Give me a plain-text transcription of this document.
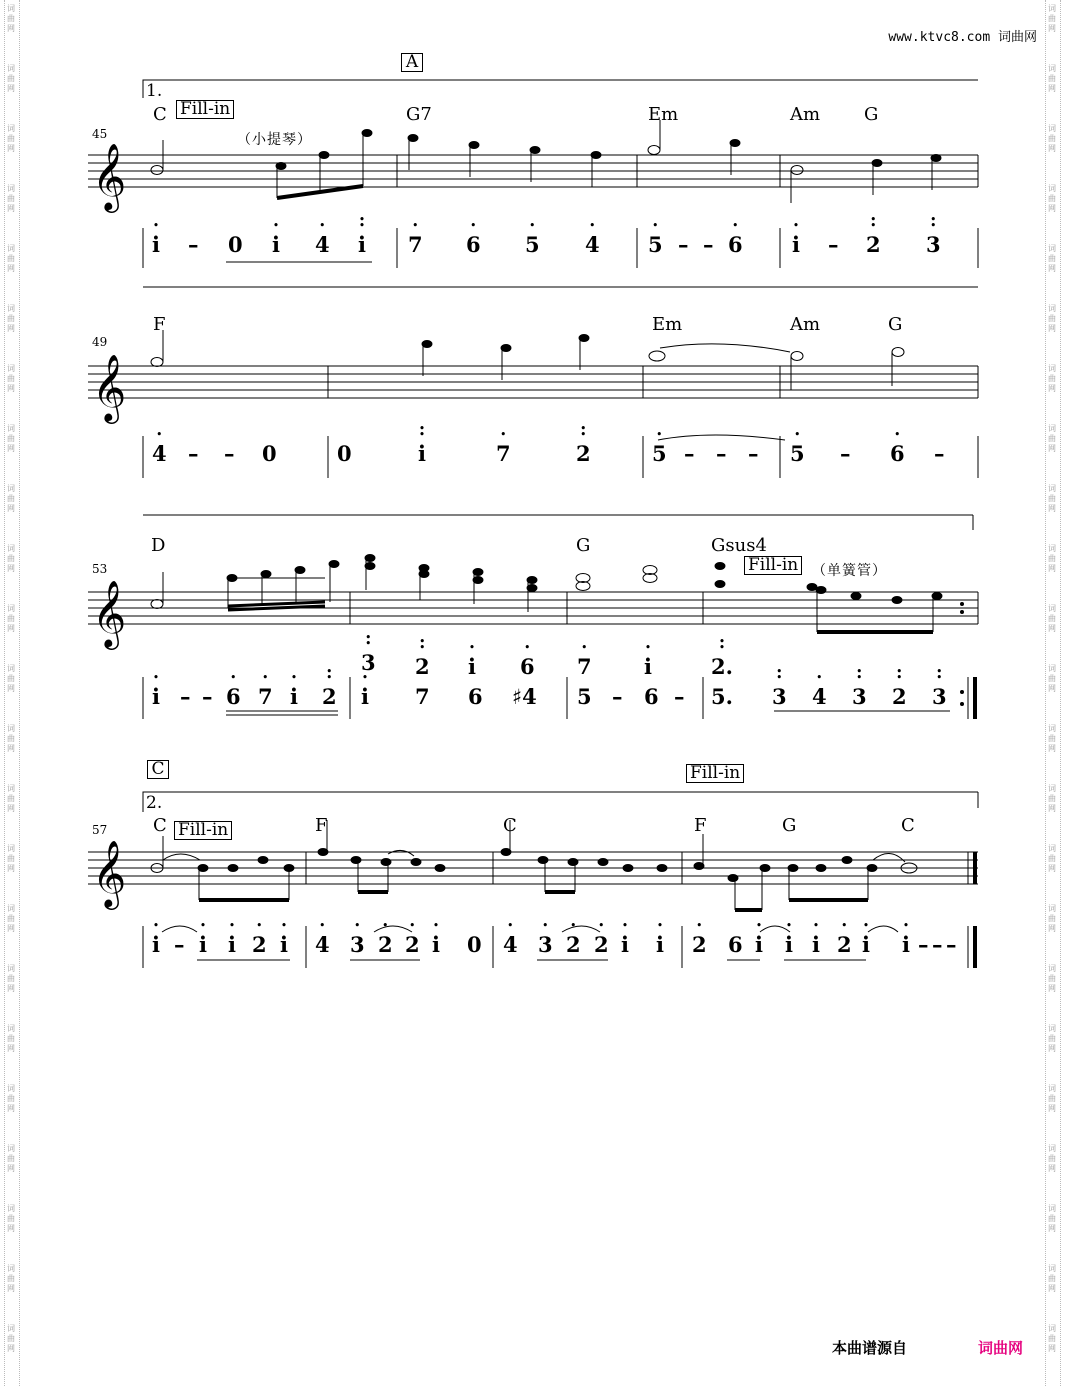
词
曲
网
词
曲
网
词
曲
网
词
曲
网
词
曲
网
词
曲
网
词
曲
网
词
曲
网
词
曲
网
词
曲
网
词
曲
网
词
曲
网
词
曲
网
词
曲
网
词
曲
网
词
曲
网
词
曲
网
词
曲
网
词
曲
网
词
曲
网
词
曲
网
词
曲
网
词
曲
网
词
曲
网
词
曲
网
词
曲
网
词
曲
网
词
曲
网
词
曲
网
词
曲
网
词
曲
网
词
曲
网
词
曲
网
词
曲
网
词
曲
网
词
曲
网
词
曲
网
词
曲
网
词
曲
网
词
曲
网
词
曲
网
词
曲
网
词
曲
网
词
曲
网
词
曲
网
词
曲
网
www.ktvc8.com 词曲网
𝄞
𝄞
𝄞
𝄞
45
49
53
57
A
1.
C
2.
C Fill-in
（小提琴）
G7	Em	Am G
• i – 0 • i • 4 • i • • 7 • 6 • 5 • 4 • 5 – – • 6 • i – • 2 • • 3 •
F	Em	Am	G
• 4 – – 0	0	• i •	• 7	• 2 •	• 5 – – – • 5 – • 6 –
D	G	Gsus4
Fill-in （单簧管）
• 3 • • 2 • • i • 6 • 7 • i	• 2. •
• i – – • 6 • 7 • i • 2 • • i 7 6 ♯4 5 – 6 – 5. • 3 • • 4 • 3 • • 2 • • 3 •
C Fill-in	F	C
Fill-in
F	G	C
• i – • i • i • 2 • i • 4 • 3 • 2 • 2 • i 0 • 4 • 3 • 2 • 2 • i • i • 2 6 • i • i • i • 2 • i • i – – –
本曲谱源自	词曲网
